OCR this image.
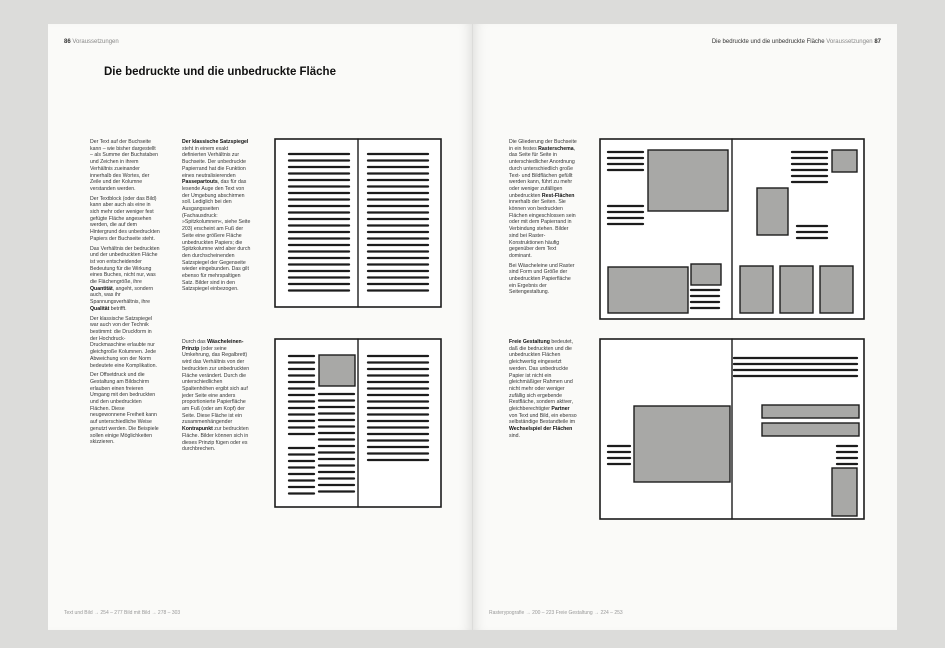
86 Voraussetzungen
Die bedruckte und die unbedruckte Fläche

Der Text auf der Buchseite kann – wie bisher dargestellt – als Summe der Buchstaben und Zeichen in ihrem Verhältnis zueinander innerhalb des Wortes, der Zeile und der Kolumne verstanden werden.

Der Textblock (oder das Bild) kann aber auch als eine in sich mehr oder weniger fest gefügte Fläche angesehen werden, die auf dem Hintergrund des unbedruckten Papiers der Buchseite steht.

Das Verhältnis der bedruckten und der unbedruckten Fläche ist von entscheidender Bedeutung für die Wirkung eines Buches, nicht nur, was die Flächengröße, ihre Quantität, angeht, sondern auch, was ihr Spannungsverhältnis, ihre Qualität betrifft.

Der klassische Satzspiegel war auch von der Technik bestimmt: die Druckform in der Hochdruck-Druckmaschine erlaubte nur gleichgroße Kolumnen. Jede Abweichung von der Norm bedeutete eine Komplikation.

Der Offsetdruck und die Gestaltung am Bildschirm erlauben einen freieren Umgang mit den bedruckten und den unbedruckten Flächen. Diese neugewonnene Freiheit kann auf unterschiedliche Weise genutzt werden. Die Beispiele sollen einige Möglichkeiten skizzieren.

Der klassische Satzspiegel steht in einem exakt definierten Verhältnis zur Buchseite. Der unbedruckte Papierrand hat die Funktion eines neutralisierenden Passepartouts, das für das lesende Auge den Text von der Umgebung abschirmen soll. Lediglich bei den Ausgangsseiten (Fachausdruck: »Spitzkolumnen«, siehe Seite 203) erscheint am Fuß der Seite eine größere Fläche unbedruckten Papiers; die Spitzkolumne wird aber durch den durchscheinenden Satzspiegel der Gegenseite wieder eingebunden. Das gilt ebenso für mehrspaltigen Satz. Bilder sind in den Satzspiegel einbezogen.

Durch das Wäscheleinen-Prinzip (oder seine Umkehrung, das Regalbrett) wird das Verhältnis von der bedruckten zur unbedruckten Fläche verändert. Durch die unterschiedlichen Spaltenhöhen ergibt sich auf jeder Seite eine anders proportionierte Papierfläche am Fuß (oder am Kopf) der Seite. Diese Fläche ist ein zusammenhängender Kontrapunkt zur bedruckten Fläche. Bilder können sich in dieses Prinzip fügen oder es durchbrechen.

Text und Bild → 254 – 277 Bild mit Bild → 278 – 303
Die bedruckte und die unbedruckte Fläche Voraussetzungen 87

Die Gliederung der Buchseite in ein festes Rasterschema, das Seite für Seite in unterschiedlicher Anordnung durch unterschiedlich große Text- und Bildflächen gefüllt werden kann, führt zu mehr oder weniger zufälligen unbedruckten Rest-Flächen innerhalb der Seiten. Sie können von bedruckten Flächen eingeschlossen sein oder mit dem Papierrand in Verbindung stehen. Bilder sind bei Raster-Konstruktionen häufig gegenüber dem Text dominant.

Bei Wäscheleine und Raster sind Form und Größe der unbedruckten Papierfläche ein Ergebnis der Seitengestaltung.

Freie Gestaltung bedeutet, daß die bedruckten und die unbedruckten Flächen gleichwertig eingesetzt werden. Das unbedruckte Papier ist nicht ein gleichmäßiger Rahmen und nicht mehr oder weniger zufällig sich ergebende Restfläche, sondern aktiver, gleichberechtigter Partner von Text und Bild, ein ebenso selbständige Bestandteile im Wechselspiel der Flächen sind.

Rasterypografie → 200 – 223 Freie Gestaltung → 224 – 253
